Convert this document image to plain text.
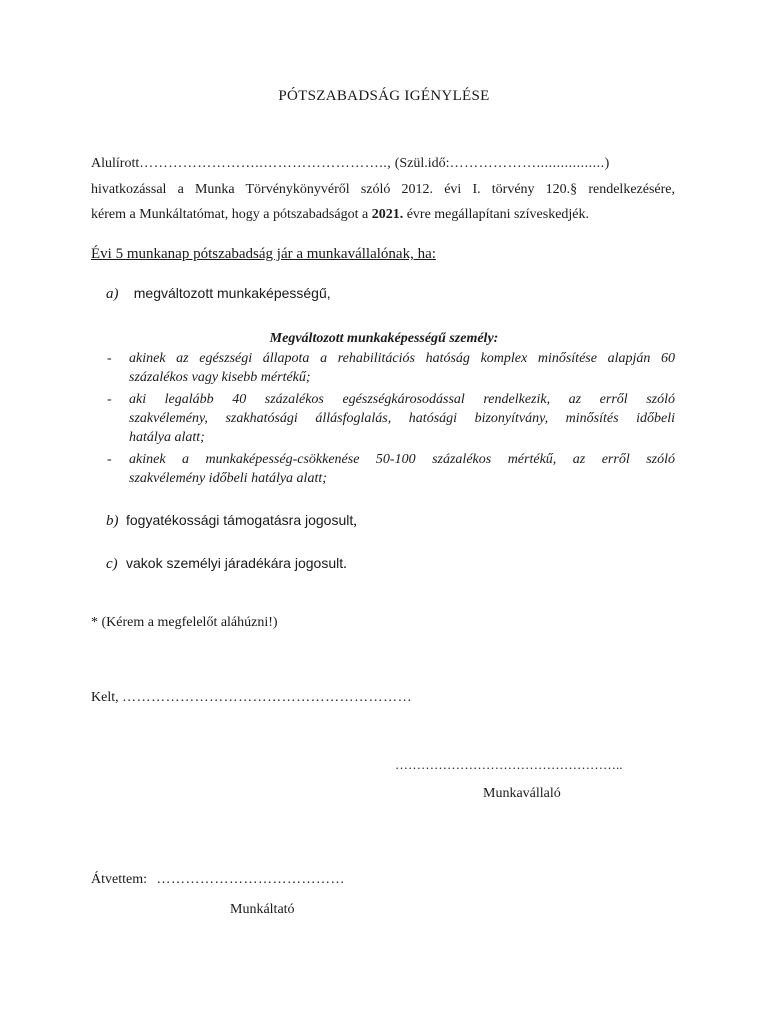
PÓTSZABADSÁG IGÉNYLÉSE
Alulírott……………………..…………………….., (Szül.idő:……………….................)
hivatkozással a Munka Törvénykönyvéről szóló 2012. évi I. törvény 120.§ rendelkezésére,
kérem a Munkáltatómat, hogy a pótszabadságot a 2021. évre megállapítani szíveskedjék.
Évi 5 munkanap pótszabadság jár a munkavállalónak, ha:
a) megváltozott munkaképességű,
Megváltozott munkaképességű személy:
- akinek az egészségi állapota a rehabilitációs hatóság komplex minősítése alapján 60
százalékos vagy kisebb mértékű;
- aki legalább 40 százalékos egészségkárosodással rendelkezik, az erről szóló
szakvélemény, szakhatósági állásfoglalás, hatósági bizonyítvány, minősítés időbeli
hatálya alatt;
- akinek a munkaképesség-csökkenése 50-100 százalékos mértékű, az erről szóló
szakvélemény időbeli hatálya alatt;
b) fogyatékossági támogatásra jogosult,
c) vakok személyi járadékára jogosult.
* (Kérem a megfelelőt aláhúzni!)
Kelt, ……………………………………………………
……………………………………………..
Munkavállaló
Átvettem: …………………………………
Munkáltató
